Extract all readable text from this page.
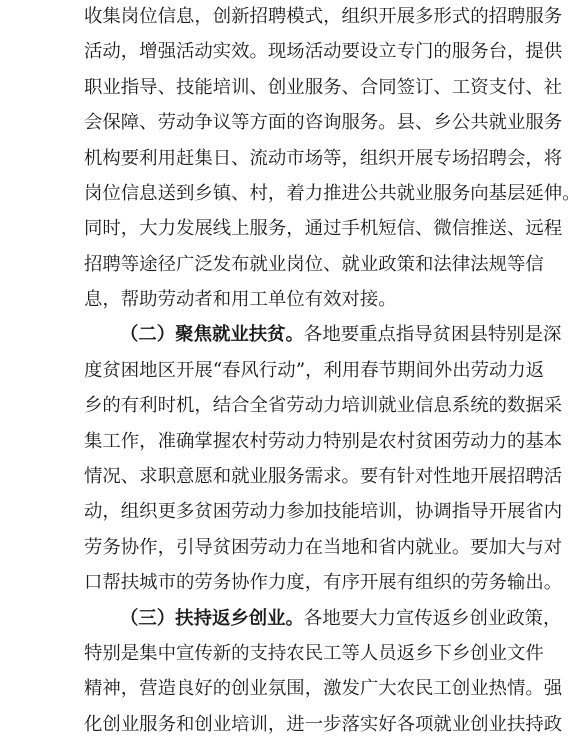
收集岗位信息，创新招聘模式，组织开展多形式的招聘服务
活动，增强活动实效。现场活动要设立专门的服务台，提供
职业指导、技能培训、创业服务、合同签订、工资支付、社
会保障、劳动争议等方面的咨询服务。县、乡公共就业服务
机构要利用赶集日、流动市场等，组织开展专场招聘会，将
岗位信息送到乡镇、村，着力推进公共就业服务向基层延伸。
同时，大力发展线上服务，通过手机短信、微信推送、远程
招聘等途径广泛发布就业岗位、就业政策和法律法规等信
息，帮助劳动者和用工单位有效对接。
（二）聚焦就业扶贫。各地要重点指导贫困县特别是深
度贫困地区开展“春风行动”，利用春节期间外出劳动力返
乡的有利时机，结合全省劳动力培训就业信息系统的数据采
集工作，准确掌握农村劳动力特别是农村贫困劳动力的基本
情况、求职意愿和就业服务需求。要有针对性地开展招聘活
动，组织更多贫困劳动力参加技能培训，协调指导开展省内
劳务协作，引导贫困劳动力在当地和省内就业。要加大与对
口帮扶城市的劳务协作力度，有序开展有组织的劳务输出。
（三）扶持返乡创业。各地要大力宣传返乡创业政策，
特别是集中宣传新的支持农民工等人员返乡下乡创业文件
精神，营造良好的创业氛围，激发广大农民工创业热情。强
化创业服务和创业培训，进一步落实好各项就业创业扶持政
